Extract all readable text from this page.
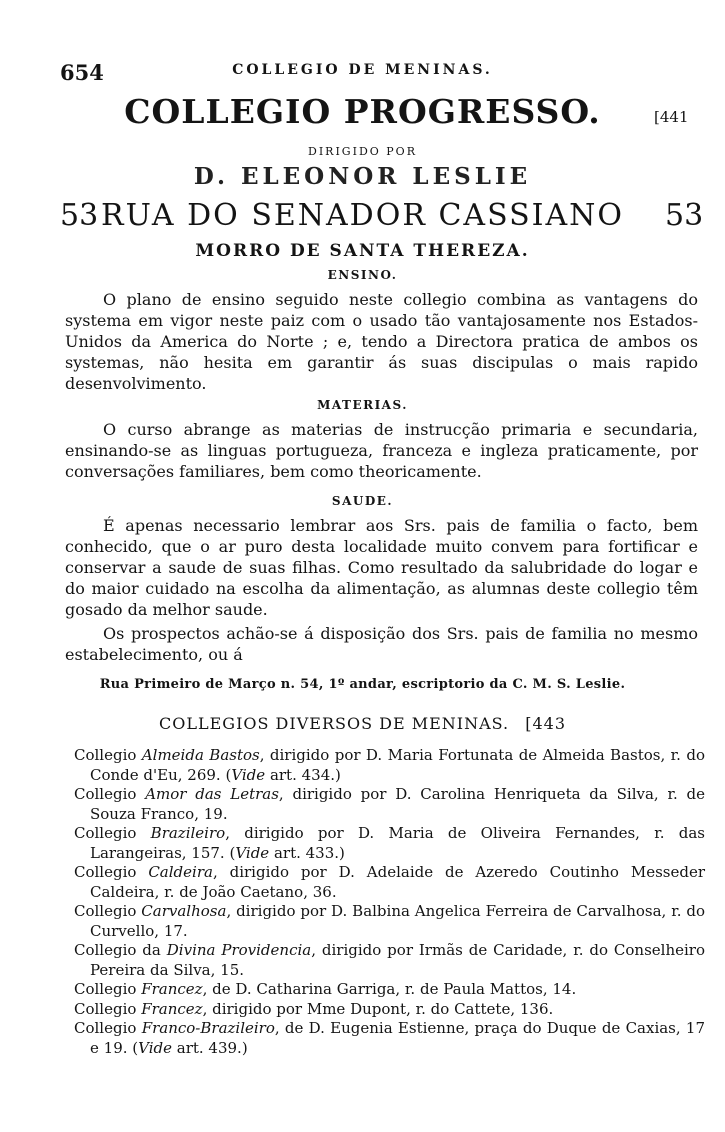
654	COLLEGIO DE MENINAS.
COLLEGIO PROGRESSO.	[441
DIRIGIDO POR
D. ELEONOR LESLIE
RUA DO SENADOR CASSIANO
53	53
MORRO DE SANTA THEREZA.
ENSINO.

O plano de ensino seguido neste collegio combina as vantagens do systema em vigor neste paiz com o usado tão vantajosamente nos Estados-Unidos da America do Norte ; e, tendo a Directora pratica de ambos os systemas, não hesita em garantir ás suas discipulas o mais rapido desenvolvimento.

MATERIAS.

O curso abrange as materias de instrucção primaria e secundaria, ensinando-se as linguas portugueza, franceza e ingleza praticamente, por conversações familiares, bem como theoricamente.

SAUDE.

É apenas necessario lembrar aos Srs. pais de familia o facto, bem conhecido, que o ar puro desta localidade muito convem para fortificar e conservar a saude de suas filhas. Como resultado da salubridade do logar e do maior cuidado na escolha da alimentação, as alumnas deste collegio têm gosado da melhor saude.

Os prospectos achão-se á disposição dos Srs. pais de familia no mesmo estabelecimento, ou á

Rua Primeiro de Março n. 54, 1º andar, escriptorio da C. M. S. Leslie.
COLLEGIOS DIVERSOS DE MENINAS. [443

Collegio Almeida Bastos, dirigido por D. Maria Fortunata de Almeida Bastos, r. do Conde d'Eu, 269. (Vide art. 434.)

Collegio Amor das Letras, dirigido por D. Carolina Henriqueta da Silva, r. de Souza Franco, 19.

Collegio Brazileiro, dirigido por D. Maria de Oliveira Fernandes, r. das Larangeiras, 157. (Vide art. 433.)

Collegio Caldeira, dirigido por D. Adelaide de Azeredo Coutinho Messeder Caldeira, r. de João Caetano, 36.

Collegio Carvalhosa, dirigido por D. Balbina Angelica Ferreira de Carvalhosa, r. do Curvello, 17.

Collegio da Divina Providencia, dirigido por Irmãs de Caridade, r. do Conselheiro Pereira da Silva, 15.

Collegio Francez, de D. Catharina Garriga, r. de Paula Mattos, 14.

Collegio Francez, dirigido por Mme Dupont, r. do Cattete, 136.

Collegio Franco-Brazileiro, de D. Eugenia Estienne, praça do Duque de Caxias, 17 e 19. (Vide art. 439.)
